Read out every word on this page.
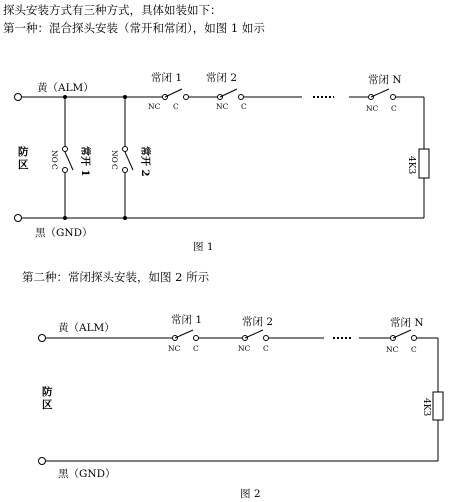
探头安装方式有三种方式，具体如装如下：
第一种：混合探头安装（常开和常闭），如图 1 如示
第二种：常闭探头安装，如图 2 所示
黄（ALM）
黑（GND）
图 1
常闭 1 常闭 2	常闭 N
NC C	NC C	NC C
NO
C
NO
C
常开 1	常开 2
防区	4K3
黄（ALM）
黑（GND）
图 2
常闭 1	常闭 2	常闭 N
NC C	NC C	NC C
防区	4K3
